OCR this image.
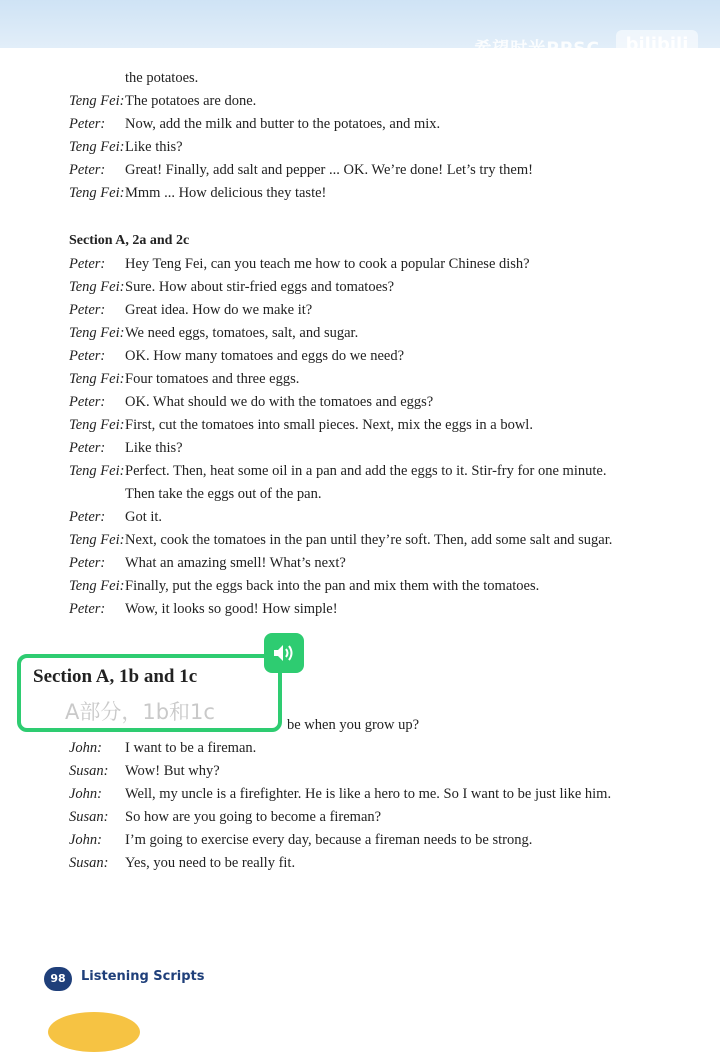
希望时光PPSC	bilibili
the potatoes.
Teng Fei:The potatoes are done.
Peter: Now, add the milk and butter to the potatoes, and mix.
Teng Fei:Like this?
Peter: Great! Finally, add salt and pepper ... OK. We’re done! Let’s try them!
Teng Fei:Mmm ... How delicious they taste!
Section A, 2a and 2c
Peter: Hey Teng Fei, can you teach me how to cook a popular Chinese dish?
Teng Fei:Sure. How about stir-fried eggs and tomatoes?
Peter: Great idea. How do we make it?
Teng Fei:We need eggs, tomatoes, salt, and sugar.
Peter: OK. How many tomatoes and eggs do we need?
Teng Fei:Four tomatoes and three eggs.
Peter: OK. What should we do with the tomatoes and eggs?
Teng Fei:First, cut the tomatoes into small pieces. Next, mix the eggs in a bowl.
Peter: Like this?
Teng Fei:Perfect. Then, heat some oil in a pan and add the eggs to it. Stir-fry for one minute.
Then take the eggs out of the pan.
Peter: Got it.
Teng Fei:Next, cook the tomatoes in the pan until they’re soft. Then, add some salt and sugar.
Peter: What an amazing smell! What’s next?
Teng Fei:Finally, put the eggs back into the pan and mix them with the tomatoes.
Peter: Wow, it looks so good! How simple!
be when you grow up?
John: I want to be a fireman.
Susan: Wow! But why?
John: Well, my uncle is a firefighter. He is like a hero to me. So I want to be just like him.
Susan: So how are you going to become a fireman?
John: I’m going to exercise every day, because a fireman needs to be strong.
Susan: Yes, you need to be really fit.
Section A, 1b and 1c
A部分，1b和1c
98	Listening Scripts
